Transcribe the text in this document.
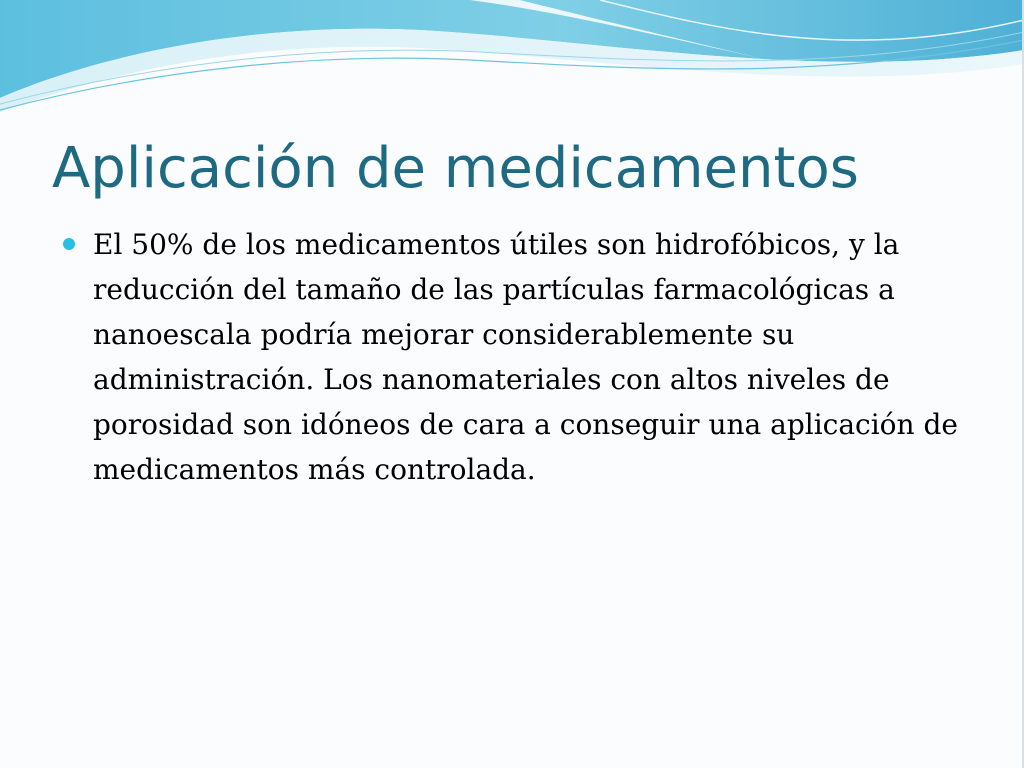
Aplicación de medicamentos
El 50% de los medicamentos útiles son hidrofóbicos, y la reducción del tamaño de las partículas farmacológicas a nanoescala podría mejorar considerablemente su administración. Los nanomateriales con altos niveles de porosidad son idóneos de cara a conseguir una aplicación de medicamentos más controlada.
